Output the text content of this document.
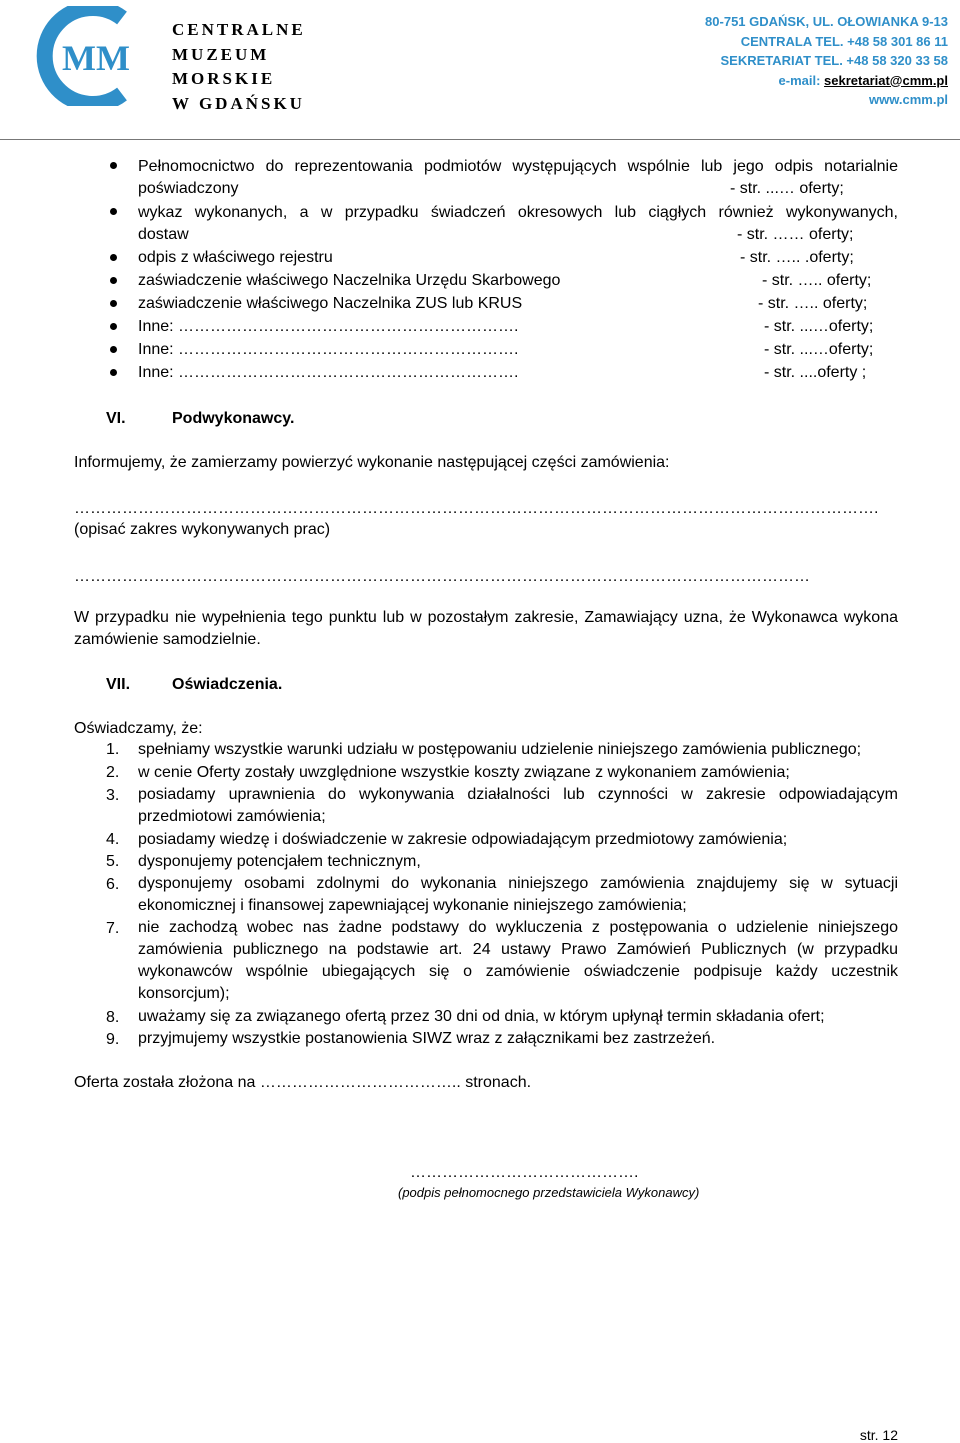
MM
CENTRALNE
MUZEUM
MORSKIE
W GDAŃSKU
80-751 GDAŃSK, UL. OŁOWIANKA 9-13
CENTRALA TEL. +48 58 301 86 11
SEKRETARIAT TEL. +48 58 320 33 58
e-mail: sekretariat@cmm.pl
www.cmm.pl
Pełnomocnictwo do reprezentowania podmiotów występujących wspólnie lub jego odpis notarialnie
poświadczony	- str. ...… oferty;
wykaz wykonanych, a w przypadku świadczeń okresowych lub ciągłych również wykonywanych,
dostaw	- str. …… oferty;
odpis z właściwego rejestru	- str. ….. .oferty;
zaświadczenie właściwego Naczelnika Urzędu Skarbowego	- str. ….. oferty;
zaświadczenie właściwego Naczelnika ZUS lub KRUS	- str. ….. oferty;
Inne: ……………………………………………………….	- str. ...…oferty;
Inne: ……………………………………………………….	- str. ...…oferty;
Inne: ……………………………………………………….	- str. ....oferty ;
VI.	Podwykonawcy.
Informujemy, że zamierzamy powierzyć wykonanie następującej części zamówienia:
…………………………………………………………………………………………………………………………………….
(opisać zakres wykonywanych prac)
…………………………………………………………………………………………………………………………
W przypadku nie wypełnienia tego punktu lub w pozostałym zakresie, Zamawiający uzna, że Wykonawca wykona zamówienie samodzielnie.
VII.	Oświadczenia.
Oświadczamy, że:
1. spełniamy wszystkie warunki udziału w postępowaniu udzielenie niniejszego zamówienia publicznego;
2. w cenie Oferty zostały uwzględnione wszystkie koszty związane z wykonaniem zamówienia;
3. posiadamy uprawnienia do wykonywania działalności lub czynności w zakresie odpowiadającym przedmiotowi zamówienia;
4. posiadamy wiedzę i doświadczenie w zakresie odpowiadającym przedmiotowy zamówienia;
5. dysponujemy potencjałem technicznym,
6. dysponujemy osobami zdolnymi do wykonania niniejszego zamówienia znajdujemy się w sytuacji ekonomicznej i finansowej zapewniającej wykonanie niniejszego zamówienia;
7. nie zachodzą wobec nas żadne podstawy do wykluczenia z postępowania o udzielenie niniejszego zamówienia publicznego na podstawie art. 24 ustawy Prawo Zamówień Publicznych (w przypadku wykonawców wspólnie ubiegających się o zamówienie oświadczenie podpisuje każdy uczestnik konsorcjum);
8. uważamy się za związanego ofertą przez 30 dni od dnia, w którym upłynął termin składania ofert;
9. przyjmujemy wszystkie postanowienia SIWZ wraz z załącznikami bez zastrzeżeń.
Oferta została złożona na ……………………………….. stronach.
…………………………………….
(podpis pełnomocnego przedstawiciela Wykonawcy)
str. 12
